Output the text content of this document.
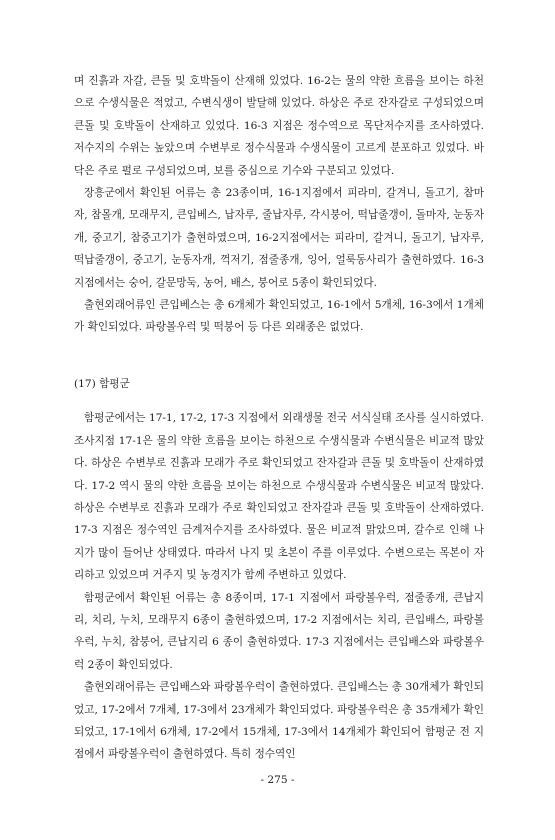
며 진흙과 자갈, 큰돌 및 호박돌이 산재해 있었다. 16-2는 물의 약한 흐름을 보이는 하천으로 수생식물은 적었고, 수변식생이 발달해 있었다. 하상은 주로 잔자갈로 구성되었으며 큰돌 및 호박돌이 산재하고 있었다. 16-3 지점은 정수역으로 목단저수지를 조사하였다. 저수지의 수위는 높았으며 수변부로 정수식물과 수생식물이 고르게 분포하고 있었다. 바닥은 주로 펄로 구성되었으며, 보를 중심으로 기수와 구분되고 있었다.

장흥군에서 확인된 어류는 총 23종이며, 16-1지점에서 피라미, 갈겨니, 돌고기, 참마자, 참몰개, 모래무지, 큰입베스, 납자루, 줄납자루, 각시붕어, 떡납줄갱이, 돌마자, 눈동자개, 중고기, 참중고기가 출현하였으며, 16-2지점에서는 피라미, 갈겨니, 돌고기, 납자루, 떡납줄갱이, 중고기, 눈동자개, 꺽저기, 점줄종개, 잉어, 얼룩동사리가 출현하였다. 16-3 지점에서는 숭어, 갈문망둑, 농어, 배스, 붕어로 5종이 확인되었다.

출현외래어류인 큰입베스는 총 6개체가 확인되었고, 16-1에서 5개체, 16-3에서 1개체가 확인되었다. 파랑볼우럭 및 떡붕어 등 다른 외래종은 없었다.

(17) 함평군

함평군에서는 17-1, 17-2, 17-3 지점에서 외래생물 전국 서식실태 조사를 실시하였다. 조사지점 17-1은 물의 약한 흐름을 보이는 하천으로 수생식물과 수변식물은 비교적 많았다. 하상은 수변부로 진흙과 모래가 주로 확인되었고 잔자갈과 큰돌 및 호박돌이 산재하였다. 17-2 역시 물의 약한 흐름을 보이는 하천으로 수생식물과 수변식물은 비교적 많았다. 하상은 수변부로 진흙과 모래가 주로 확인되었고 잔자갈과 큰돌 및 호박돌이 산재하였다. 17-3 지점은 정수역인 금계저수지를 조사하였다. 물은 비교적 맑았으며, 갈수로 인해 나지가 많이 들어난 상태였다. 따라서 나지 및 초본이 주를 이루었다. 수변으로는 목본이 자리하고 있었으며 거주지 및 농경지가 함께 주변하고 있었다.

함평군에서 확인된 어류는 총 8종이며, 17-1 지점에서 파랑볼우럭, 점줄종개, 큰납지리, 치리, 누치, 모래무지 6종이 출현하였으며, 17-2 지점에서는 치리, 큰입배스, 파랑볼우럭, 누치, 참붕어, 큰납지리 6 종이 출현하였다. 17-3 지점에서는 큰입배스와 파랑볼우럭 2종이 확인되었다.

출현외래어류는 큰입배스와 파랑볼우럭이 출현하였다. 큰입배스는 총 30개체가 확인되었고, 17-2에서 7개체, 17-3에서 23개체가 확인되었다. 파랑볼우럭은 총 35개체가 확인되었고, 17-1에서 6개체, 17-2에서 15개체, 17-3에서 14개체가 확인되어 함평군 전 지점에서 파랑볼우럭이 출현하였다. 특히 정수역인

- 275 -
